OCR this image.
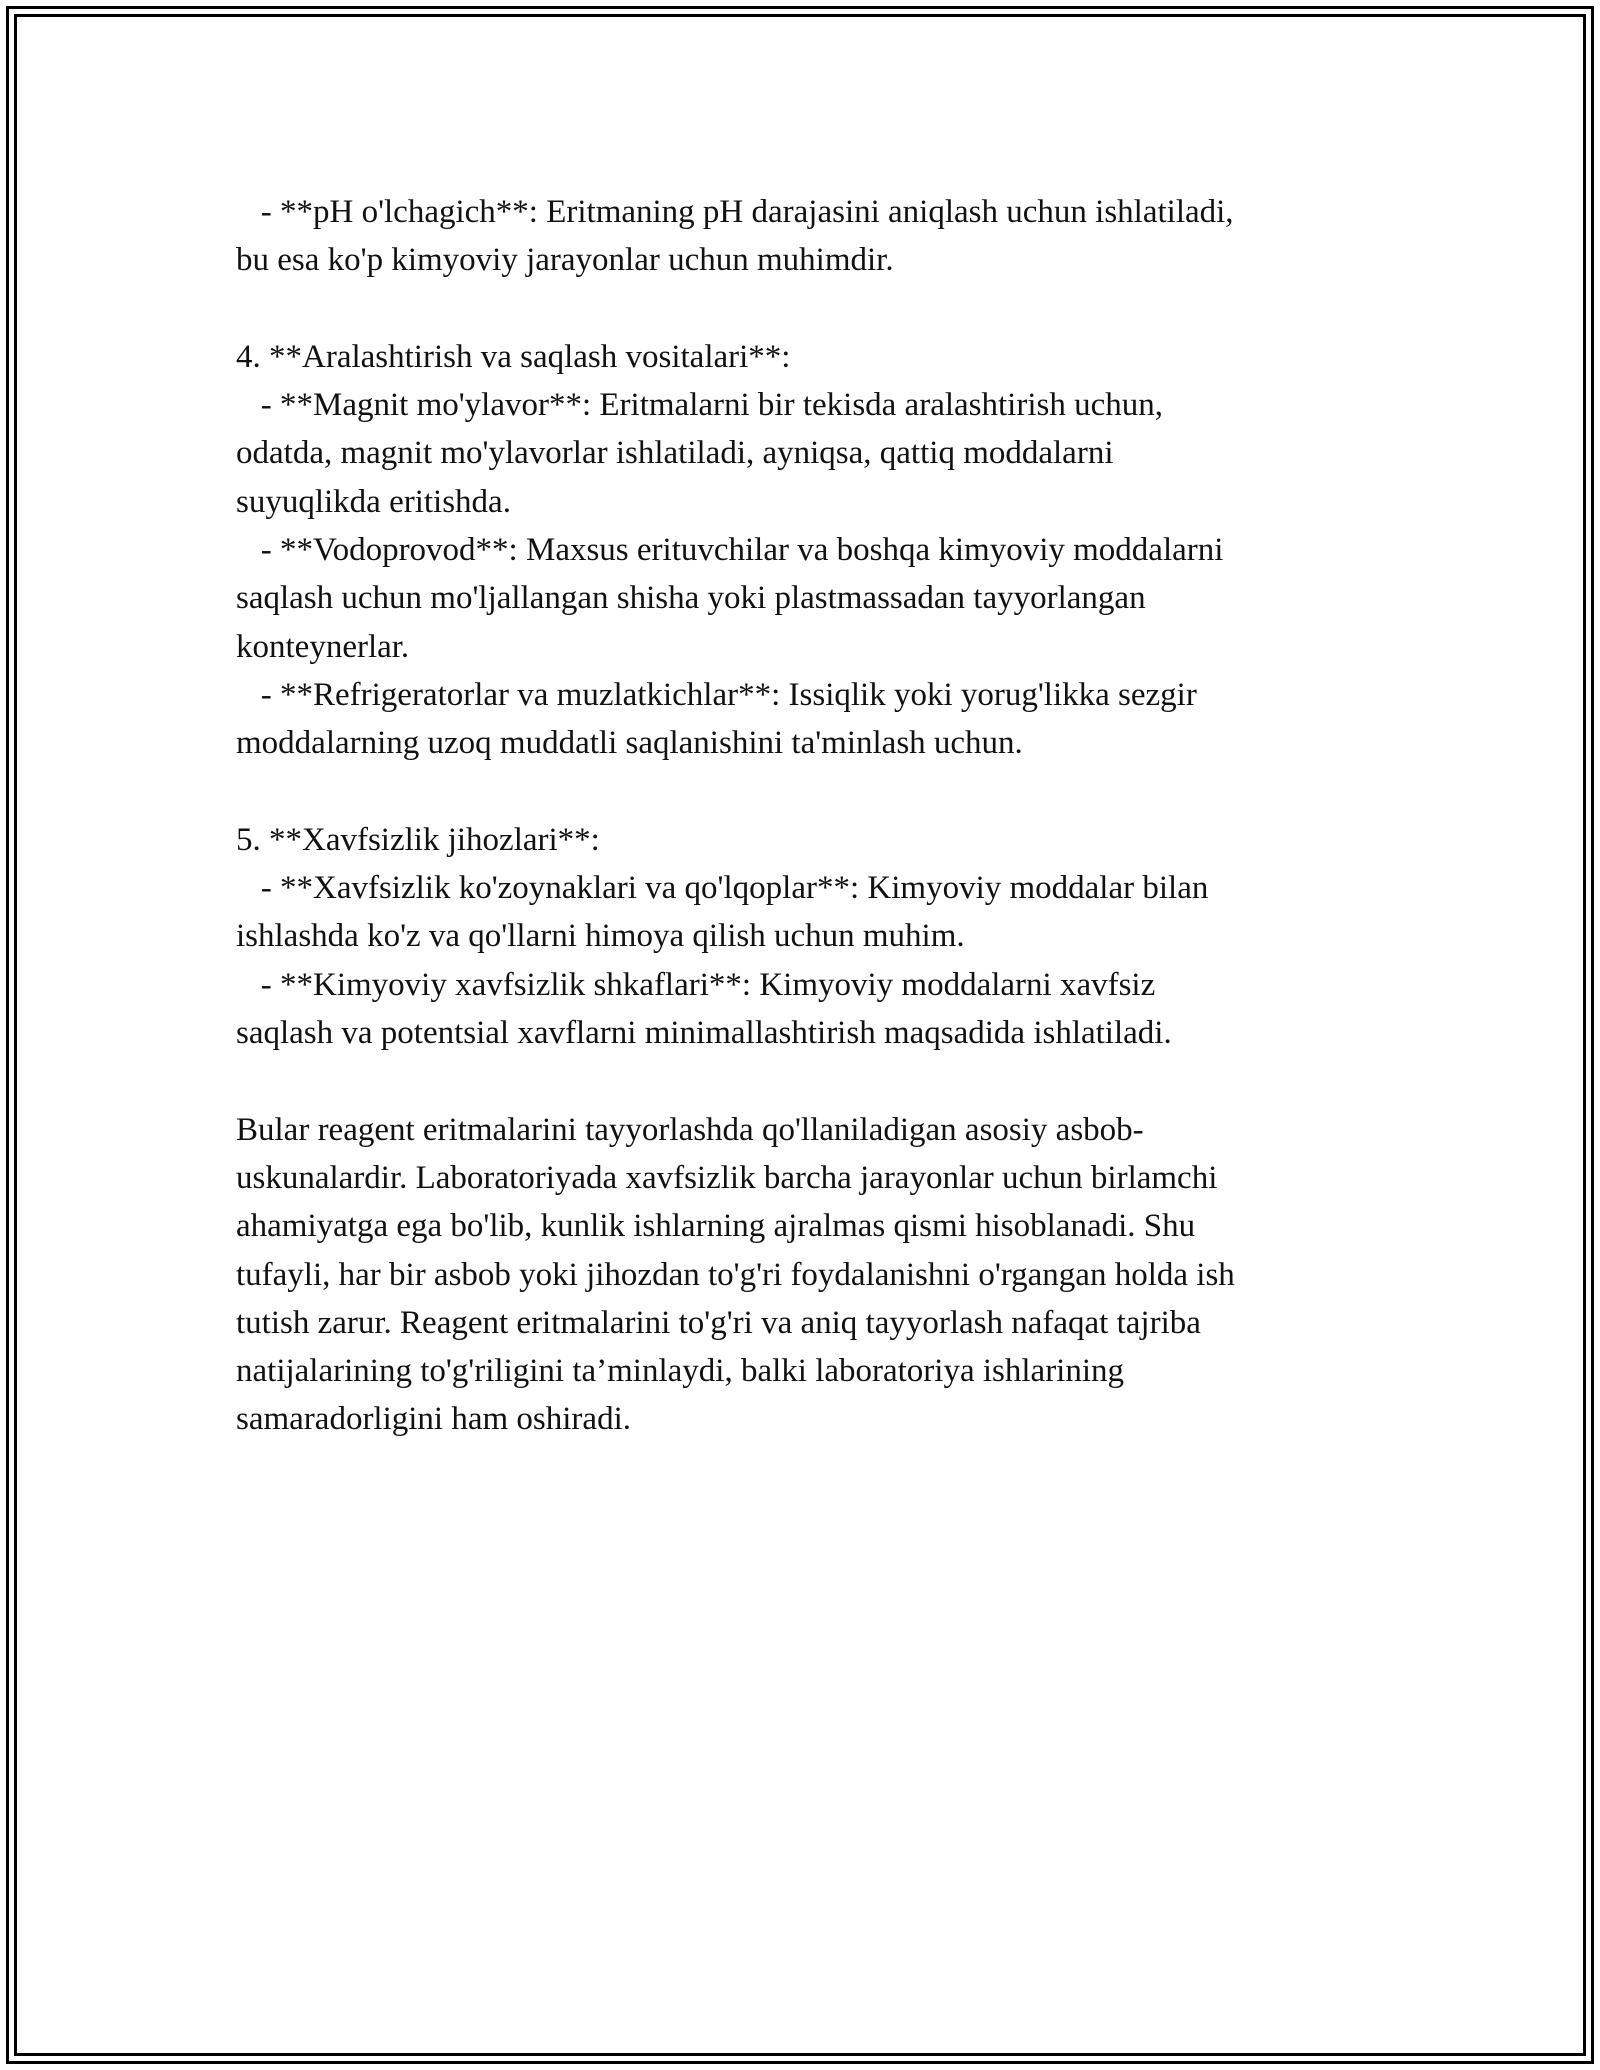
- **pH o'lchagich**: Eritmaning pH darajasini aniqlash uchun ishlatiladi,
bu esa ko'p kimyoviy jarayonlar uchun muhimdir.
4. **Aralashtirish va saqlash vositalari**:
- **Magnit mo'ylavor**: Eritmalarni bir tekisda aralashtirish uchun,
odatda, magnit mo'ylavorlar ishlatiladi, ayniqsa, qattiq moddalarni
suyuqlikda eritishda.
- **Vodoprovod**: Maxsus erituvchilar va boshqa kimyoviy moddalarni
saqlash uchun mo'ljallangan shisha yoki plastmassadan tayyorlangan
konteynerlar.
- **Refrigeratorlar va muzlatkichlar**: Issiqlik yoki yorug'likka sezgir
moddalarning uzoq muddatli saqlanishini ta'minlash uchun.
5. **Xavfsizlik jihozlari**:
- **Xavfsizlik ko'zoynaklari va qo'lqoplar**: Kimyoviy moddalar bilan
ishlashda ko'z va qo'llarni himoya qilish uchun muhim.
- **Kimyoviy xavfsizlik shkaflari**: Kimyoviy moddalarni xavfsiz
saqlash va potentsial xavflarni minimallashtirish maqsadida ishlatiladi.
Bular reagent eritmalarini tayyorlashda qo'llaniladigan asosiy asbob-
uskunalardir. Laboratoriyada xavfsizlik barcha jarayonlar uchun birlamchi
ahamiyatga ega bo'lib, kunlik ishlarning ajralmas qismi hisoblanadi. Shu
tufayli, har bir asbob yoki jihozdan to'g'ri foydalanishni o'rgangan holda ish
tutish zarur. Reagent eritmalarini to'g'ri va aniq tayyorlash nafaqat tajriba
natijalarining to'g'riligini ta’minlaydi, balki laboratoriya ishlarining
samaradorligini ham oshiradi.
